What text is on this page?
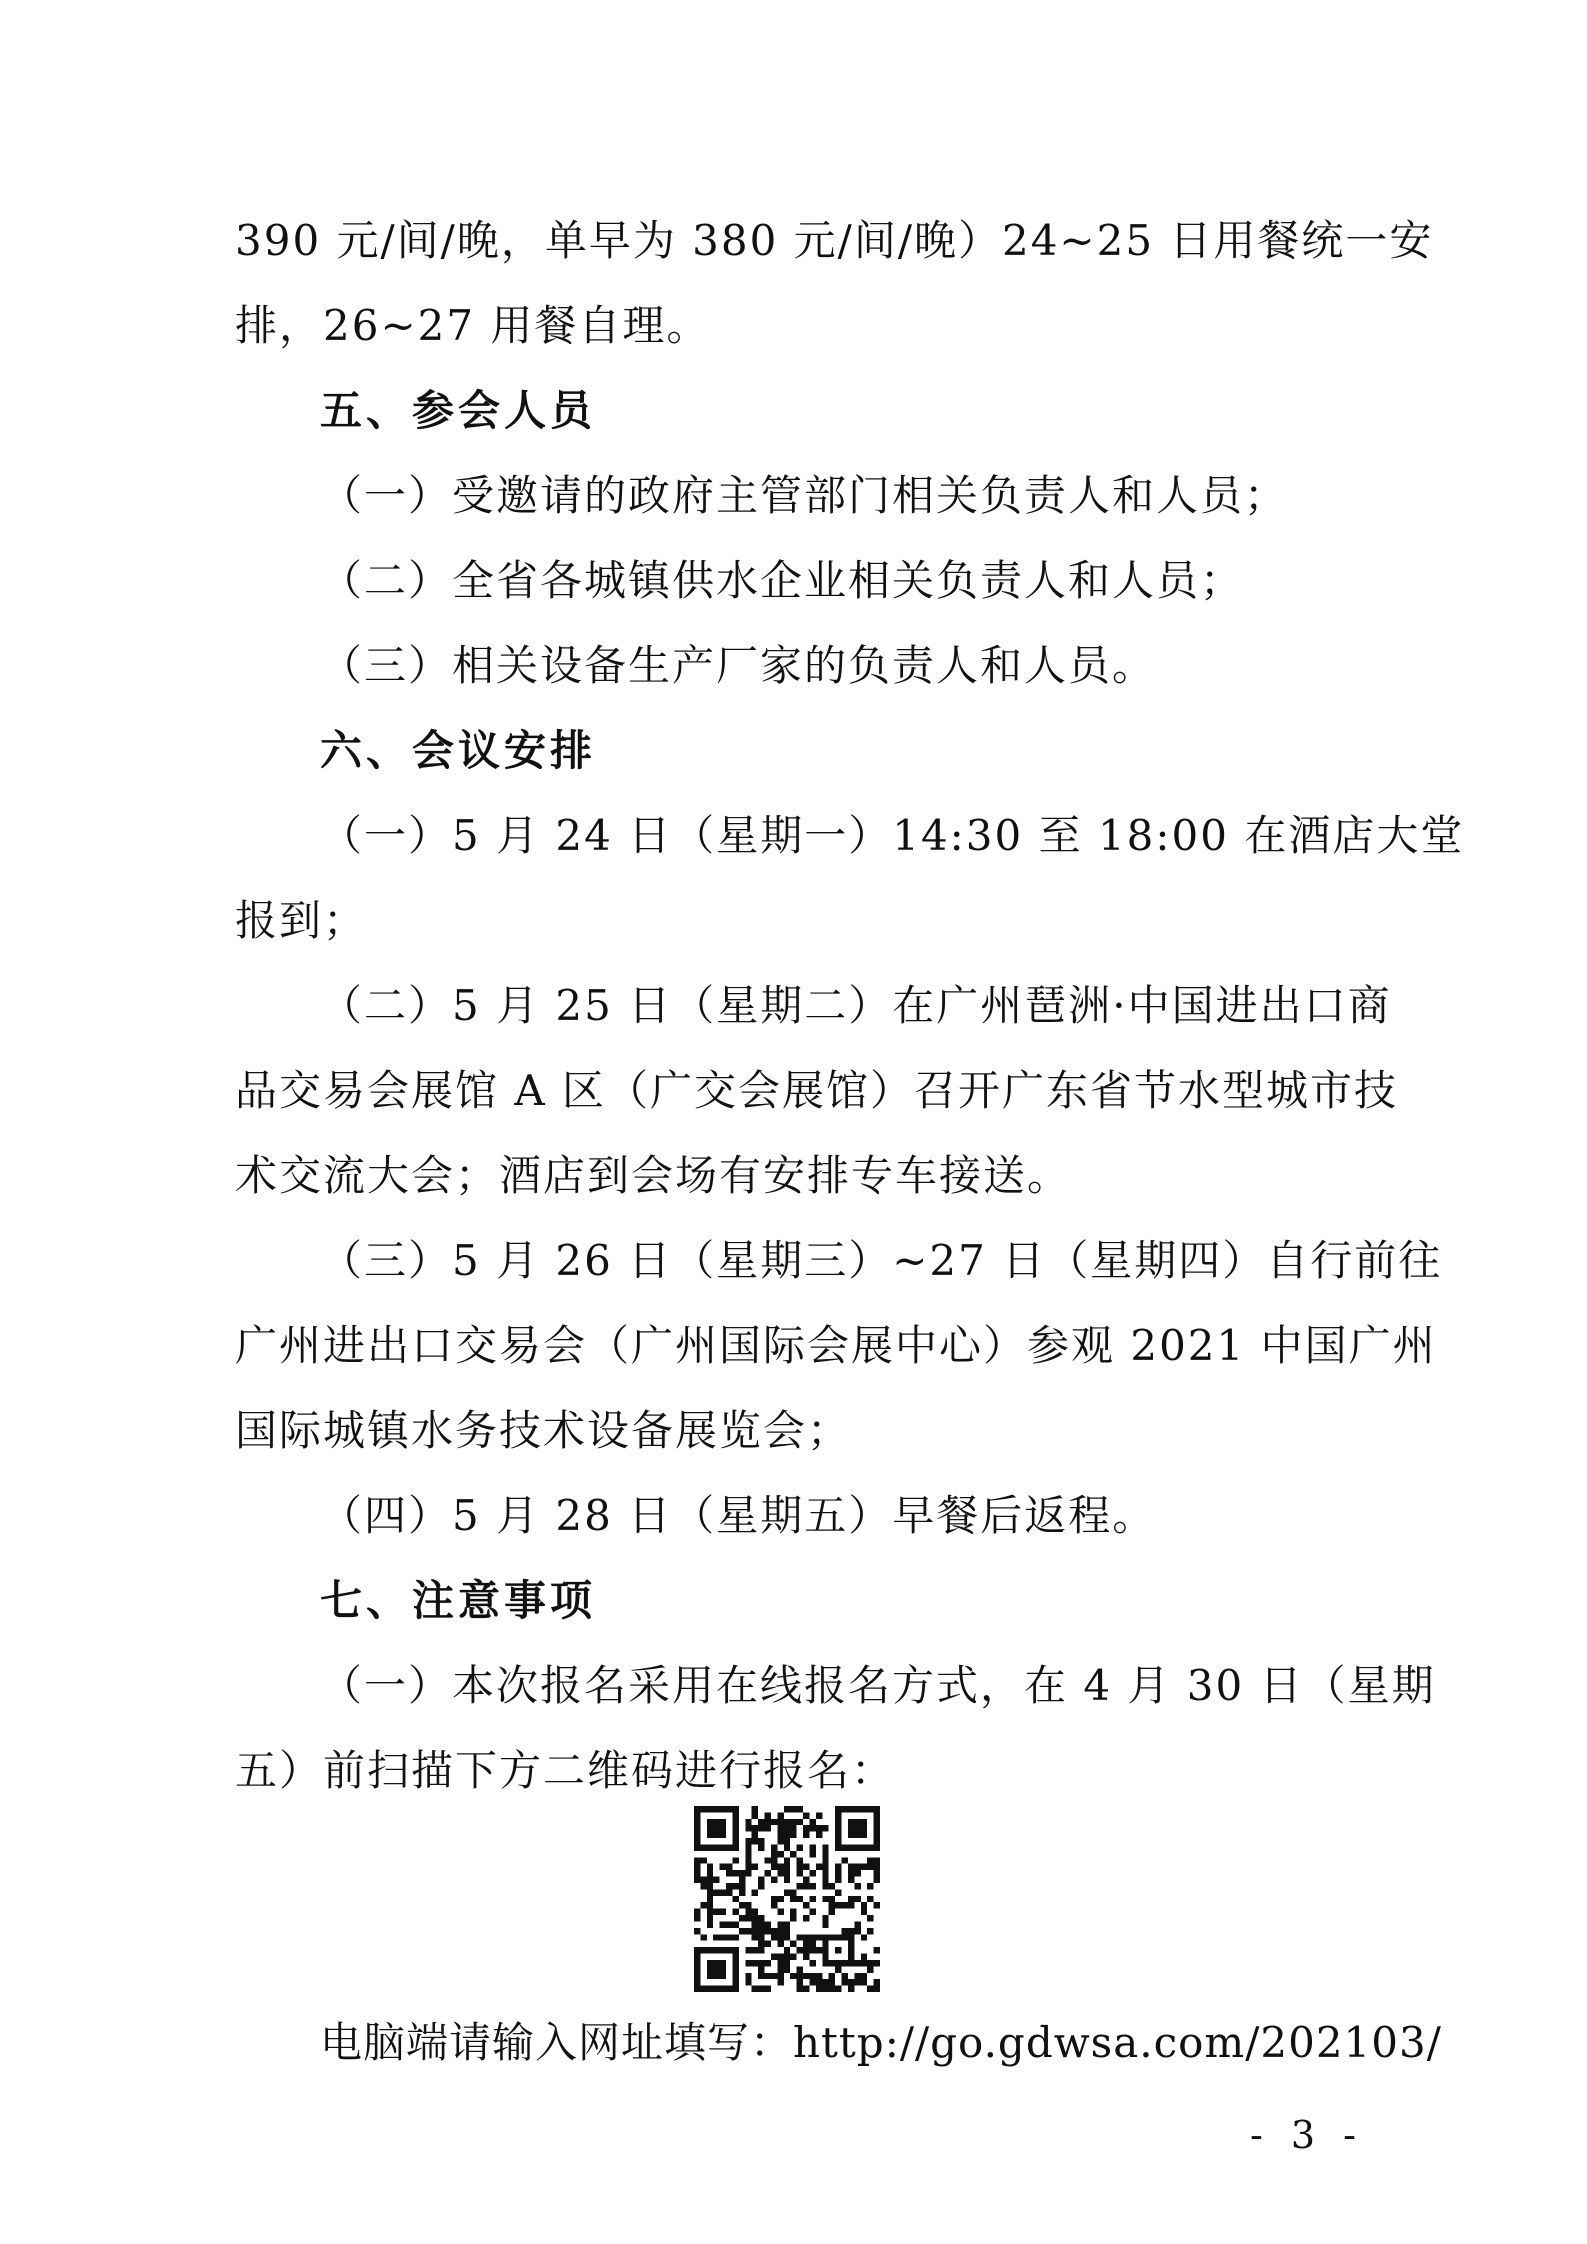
390 元/间/晚，单早为 380 元/间/晚）24~25 日用餐统一安
排，26~27 用餐自理。
五、参会人员
（一）受邀请的政府主管部门相关负责人和人员；
（二）全省各城镇供水企业相关负责人和人员；
（三）相关设备生产厂家的负责人和人员。
六、会议安排
（一）5 月 24 日（星期一）14:30 至 18:00 在酒店大堂
报到；
（二）5 月 25 日（星期二）在广州琶洲·中国进出口商
品交易会展馆 A 区（广交会展馆）召开广东省节水型城市技
术交流大会；酒店到会场有安排专车接送。
（三）5 月 26 日（星期三）~27 日（星期四）自行前往
广州进出口交易会（广州国际会展中心）参观 2021 中国广州
国际城镇水务技术设备展览会；
（四）5 月 28 日（星期五）早餐后返程。
七、注意事项
（一）本次报名采用在线报名方式，在 4 月 30 日（星期
五）前扫描下方二维码进行报名：
电脑端请输入网址填写：http://go.gdwsa.com/202103/
- 3 -
